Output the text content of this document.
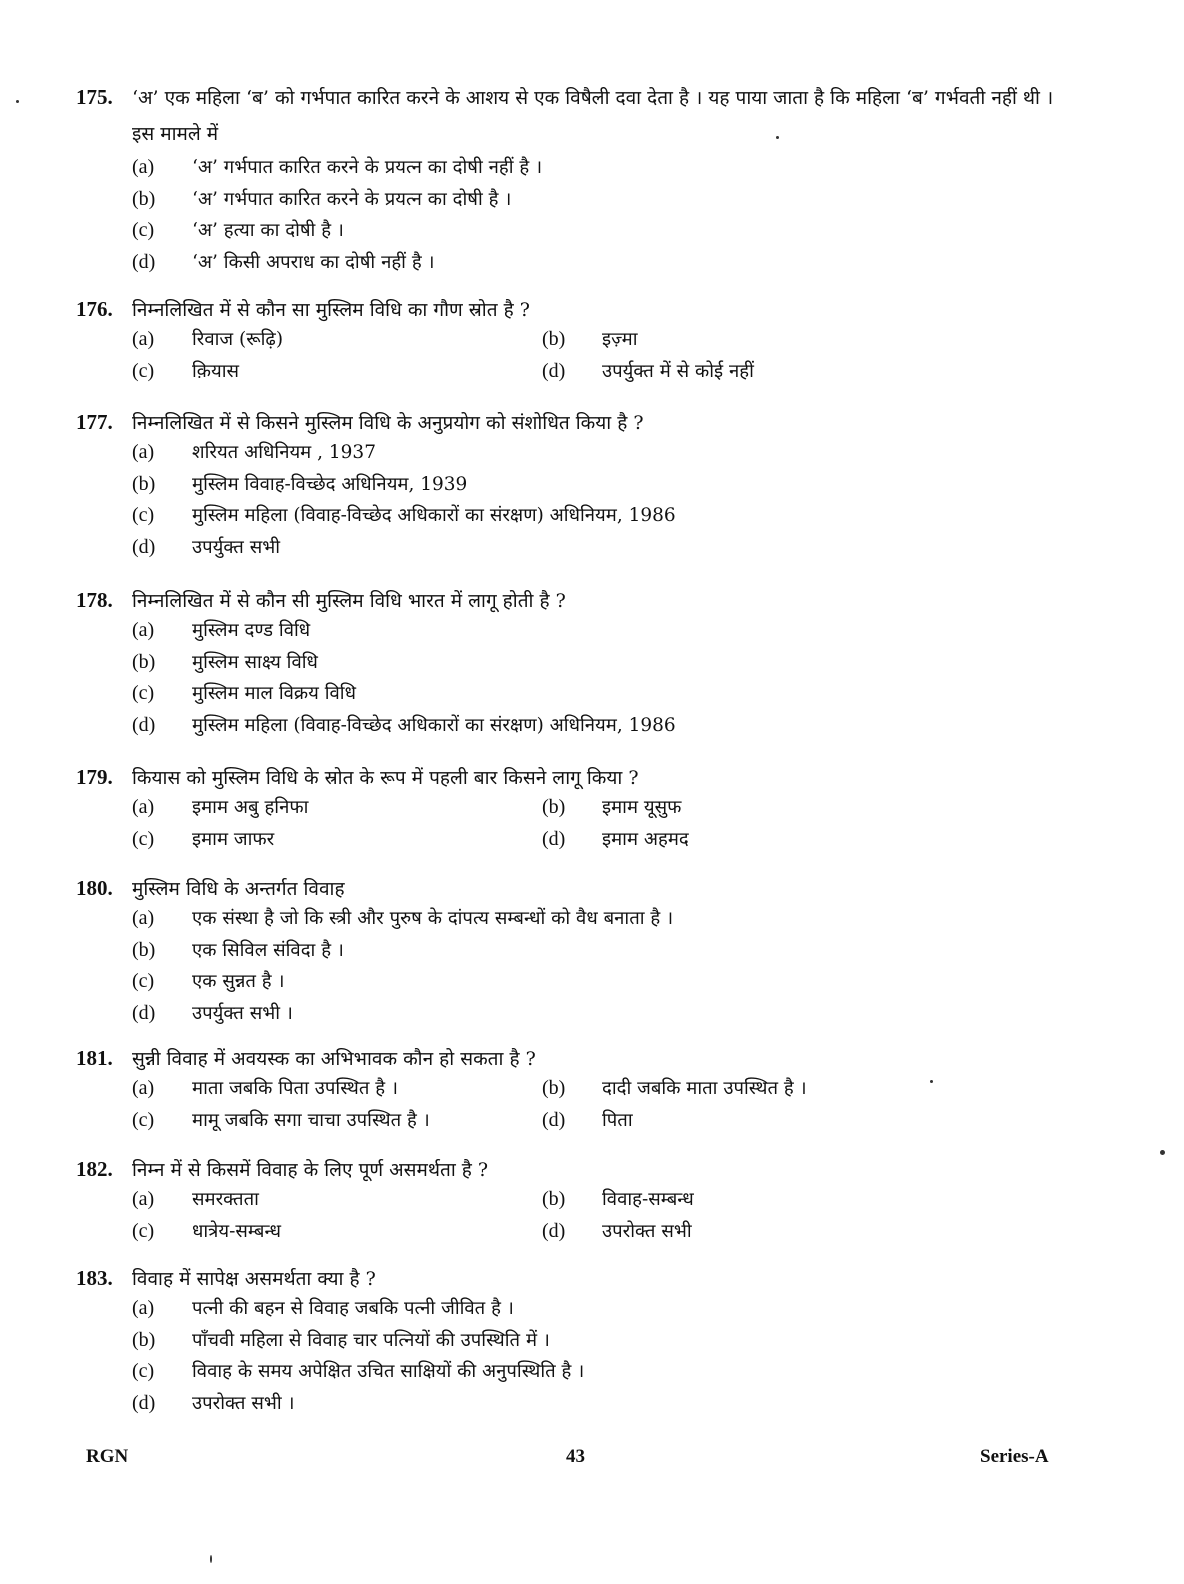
175.	‘अ’ एक महिला ‘ब’ को गर्भपात कारित करने के आशय से एक विषैली दवा देता है । यह पाया जाता है कि महिला ‘ब’ गर्भवती नहीं थी । इस मामले में
(a)	‘अ’ गर्भपात कारित करने के प्रयत्न का दोषी नहीं है ।
(b)	‘अ’ गर्भपात कारित करने के प्रयत्न का दोषी है ।
(c)	‘अ’ हत्या का दोषी है ।
(d)	‘अ’ किसी अपराध का दोषी नहीं है ।
176.	निम्नलिखित में से कौन सा मुस्लिम विधि का गौण स्रोत है ?
(a)	रिवाज (रूढ़ि)	(b)	इज़्मा
(c)	क़ियास	(d)	उपर्युक्त में से कोई नहीं
177.	निम्नलिखित में से किसने मुस्लिम विधि के अनुप्रयोग को संशोधित किया है ?
(a)	शरियत अधिनियम , 1937
(b)	मुस्लिम विवाह-विच्छेद अधिनियम, 1939
(c)	मुस्लिम महिला (विवाह-विच्छेद अधिकारों का संरक्षण) अधिनियम, 1986
(d)	उपर्युक्त सभी
178.	निम्नलिखित में से कौन सी मुस्लिम विधि भारत में लागू होती है ?
(a)	मुस्लिम दण्ड विधि
(b)	मुस्लिम साक्ष्य विधि
(c)	मुस्लिम माल विक्रय विधि
(d)	मुस्लिम महिला (विवाह-विच्छेद अधिकारों का संरक्षण) अधिनियम, 1986
179.	कियास को मुस्लिम विधि के स्रोत के रूप में पहली बार किसने लागू किया ?
(a)	इमाम अबु हनिफा	(b)	इमाम यूसुफ
(c)	इमाम जाफर	(d)	इमाम अहमद
180.	मुस्लिम विधि के अन्तर्गत विवाह
(a)	एक संस्था है जो कि स्त्री और पुरुष के दांपत्य सम्बन्धों को वैध बनाता है ।
(b)	एक सिविल संविदा है ।
(c)	एक सुन्नत है ।
(d)	उपर्युक्त सभी ।
181.	सुन्नी विवाह में अवयस्क का अभिभावक कौन हो सकता है ?
(a)	माता जबकि पिता उपस्थित है ।	(b)	दादी जबकि माता उपस्थित है ।
(c)	मामू जबकि सगा चाचा उपस्थित है ।	(d)	पिता
182.	निम्न में से किसमें विवाह के लिए पूर्ण असमर्थता है ?
(a)	समरक्तता	(b)	विवाह-सम्बन्ध
(c)	धात्रेय-सम्बन्ध	(d)	उपरोक्त सभी
183.	विवाह में सापेक्ष असमर्थता क्या है ?
(a)	पत्नी की बहन से विवाह जबकि पत्नी जीवित है ।
(b)	पाँचवी महिला से विवाह चार पत्नियों की उपस्थिति में ।
(c)	विवाह के समय अपेक्षित उचित साक्षियों की अनुपस्थिति है ।
(d)	उपरोक्त सभी ।
RGN	43	Series-A
